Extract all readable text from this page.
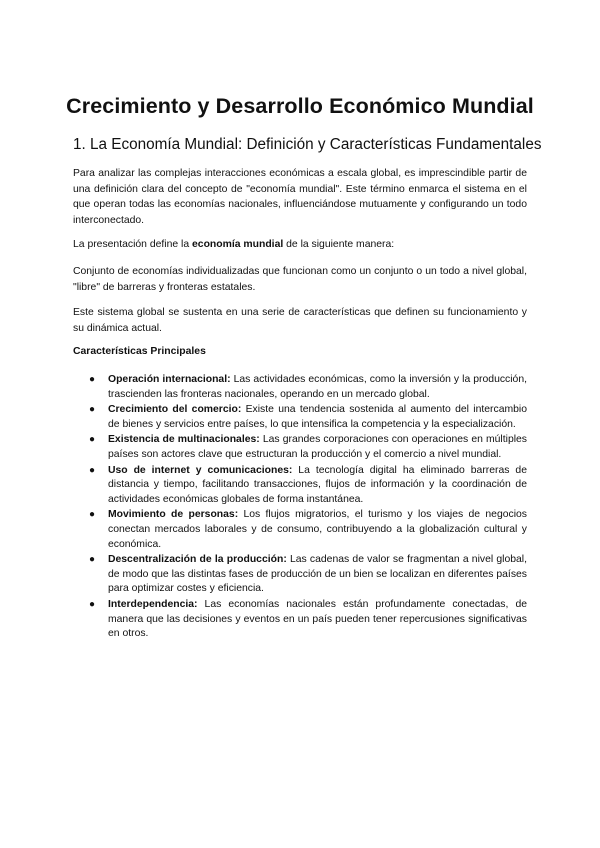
Crecimiento y Desarrollo Económico Mundial
1. La Economía Mundial: Definición y Características Fundamentales

Para analizar las complejas interacciones económicas a escala global, es imprescindible partir de una definición clara del concepto de "economía mundial". Este término enmarca el sistema en el que operan todas las economías nacionales, influenciándose mutuamente y configurando un todo interconectado.

La presentación define la economía mundial de la siguiente manera:

Conjunto de economías individualizadas que funcionan como un conjunto o un todo a nivel global, "libre" de barreras y fronteras estatales.

Este sistema global se sustenta en una serie de características que definen su funcionamiento y su dinámica actual.

Características Principales
● Operación internacional: Las actividades económicas, como la inversión y la producción, trascienden las fronteras nacionales, operando en un mercado global.
● Crecimiento del comercio: Existe una tendencia sostenida al aumento del intercambio de bienes y servicios entre países, lo que intensifica la competencia y la especialización.
● Existencia de multinacionales: Las grandes corporaciones con operaciones en múltiples países son actores clave que estructuran la producción y el comercio a nivel mundial.
● Uso de internet y comunicaciones: La tecnología digital ha eliminado barreras de distancia y tiempo, facilitando transacciones, flujos de información y la coordinación de actividades económicas globales de forma instantánea.
● Movimiento de personas: Los flujos migratorios, el turismo y los viajes de negocios conectan mercados laborales y de consumo, contribuyendo a la globalización cultural y económica.
● Descentralización de la producción: Las cadenas de valor se fragmentan a nivel global, de modo que las distintas fases de producción de un bien se localizan en diferentes países para optimizar costes y eficiencia.
● Interdependencia: Las economías nacionales están profundamente conectadas, de manera que las decisiones y eventos en un país pueden tener repercusiones significativas en otros.
